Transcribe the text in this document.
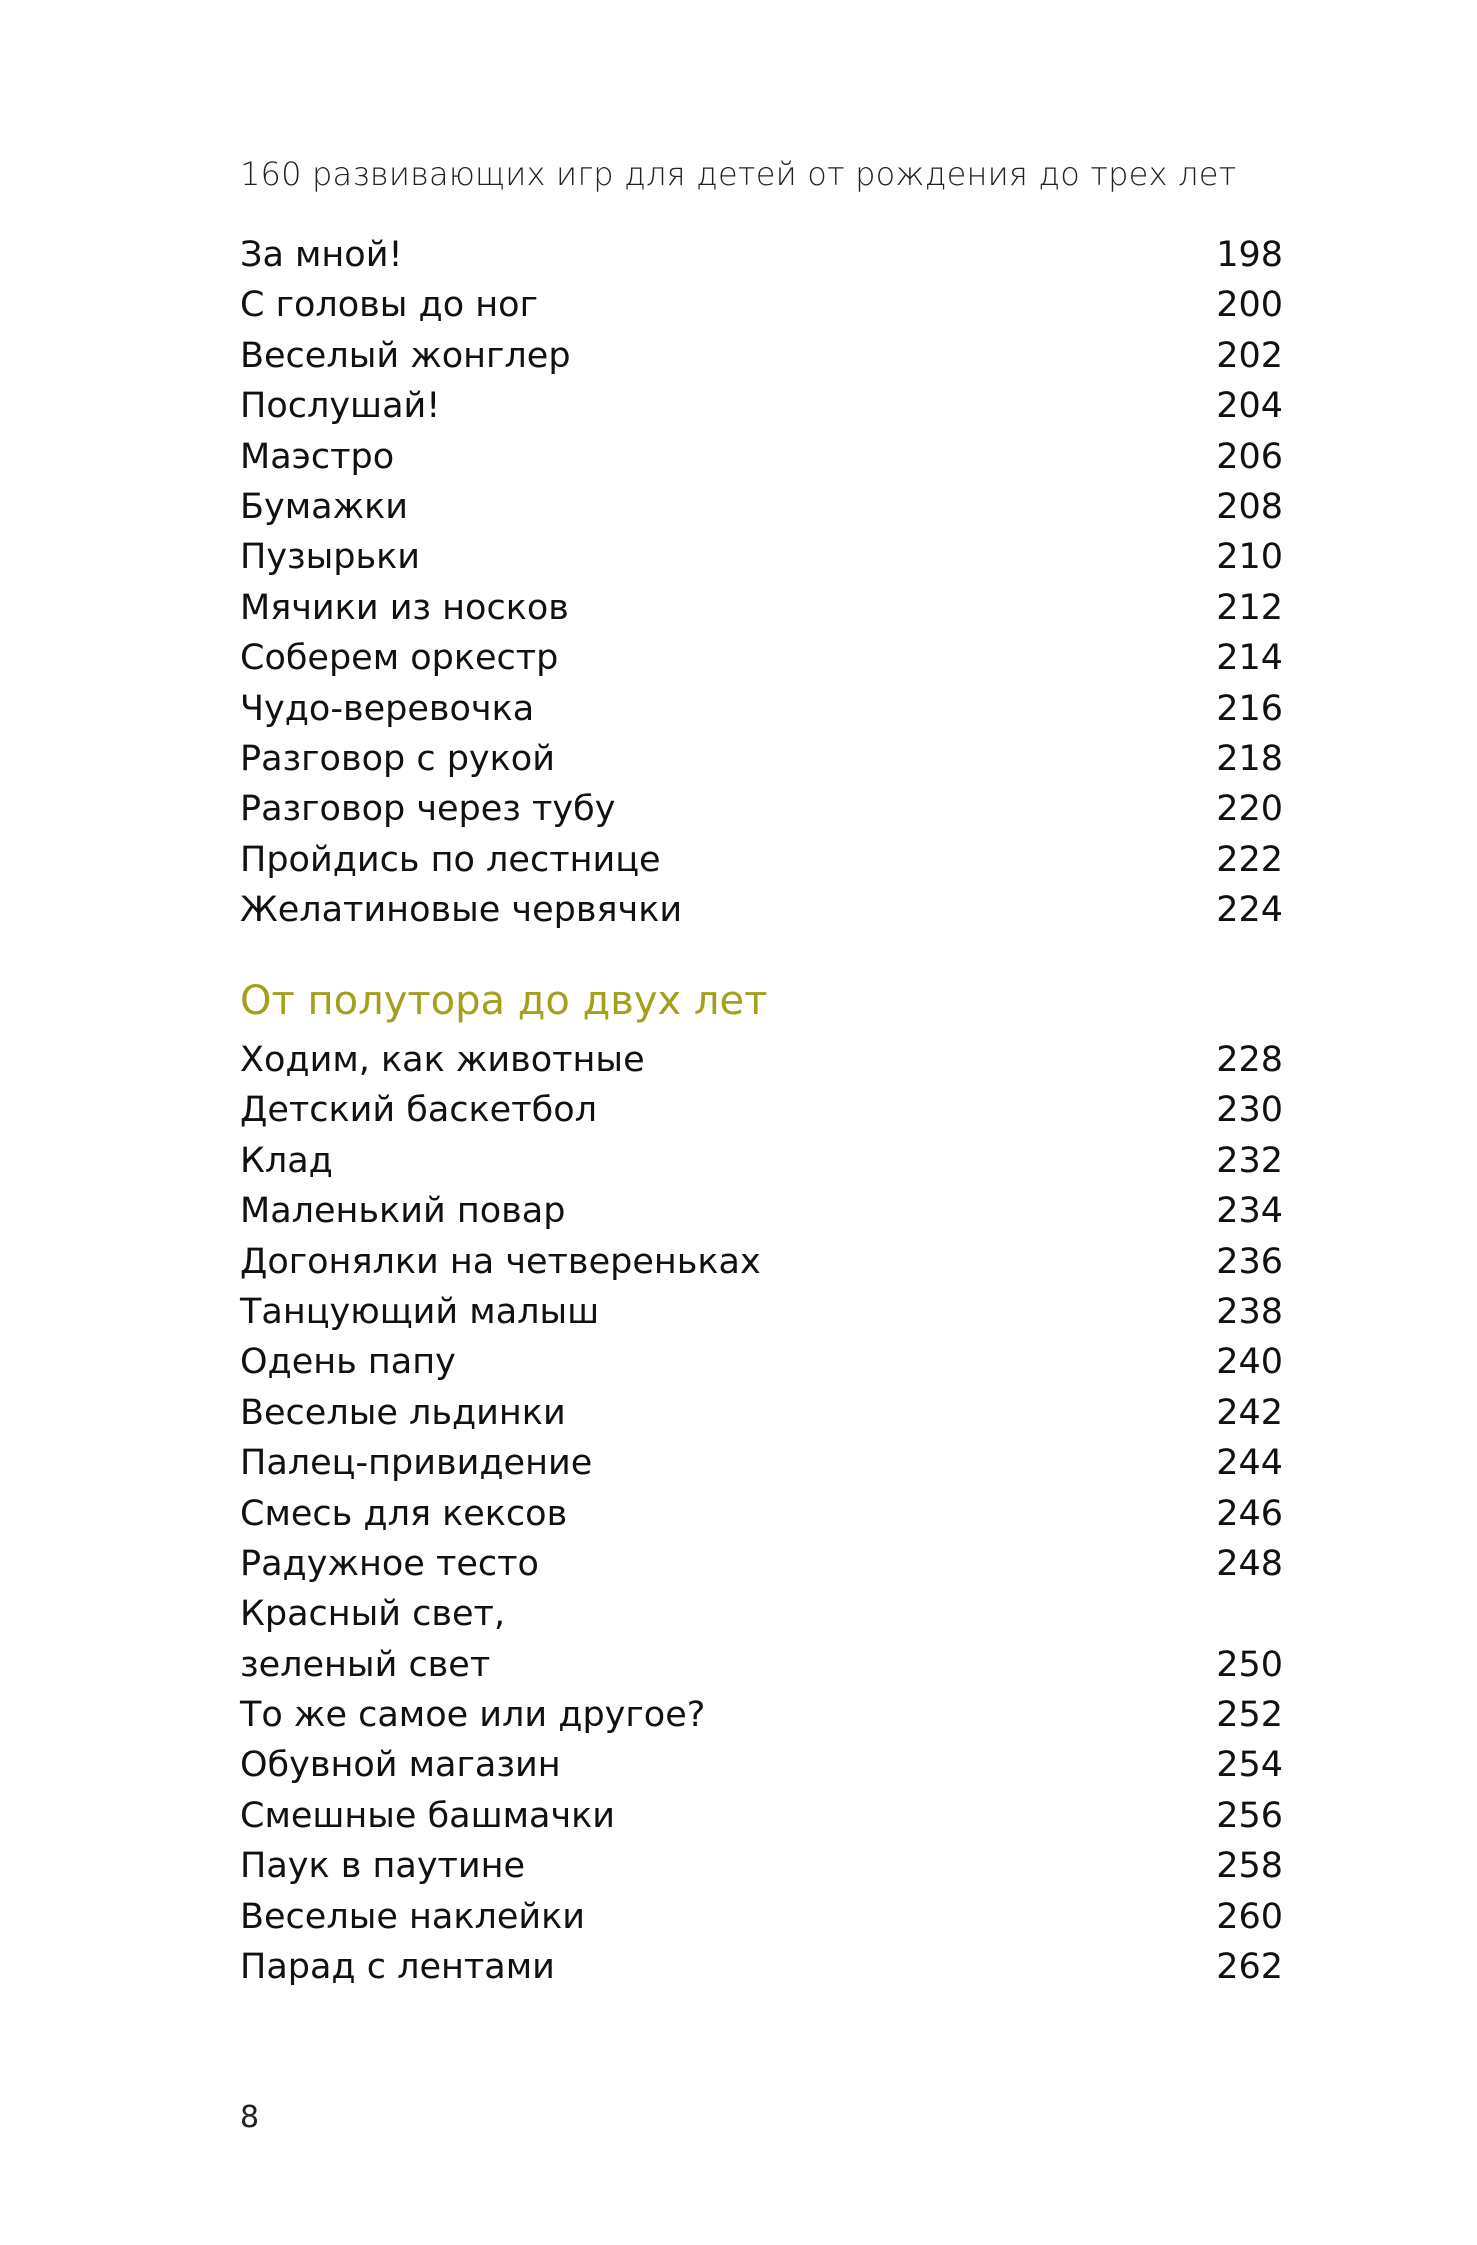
160 развивающих игр для детей от рождения до трех лет
За мной!	198
С головы до ног	200
Веселый жонглер	202
Послушай!	204
Маэстро	206
Бумажки	208
Пузырьки	210
Мячики из носков	212
Соберем оркестр	214
Чудо-веревочка	216
Разговор с рукой	218
Разговор через тубу	220
Пройдись по лестнице	222
Желатиновые червячки	224
От полутора до двух лет
Ходим, как животные	228
Детский баскетбол	230
Клад	232
Маленький повар	234
Догонялки на четвереньках	236
Танцующий малыш	238
Одень папу	240
Веселые льдинки	242
Палец-привидение	244
Смесь для кексов	246
Радужное тесто	248
Красный свет,
зеленый свет	250
То же самое или другое?	252
Обувной магазин	254
Смешные башмачки	256
Паук в паутине	258
Веселые наклейки	260
Парад с лентами	262
8
